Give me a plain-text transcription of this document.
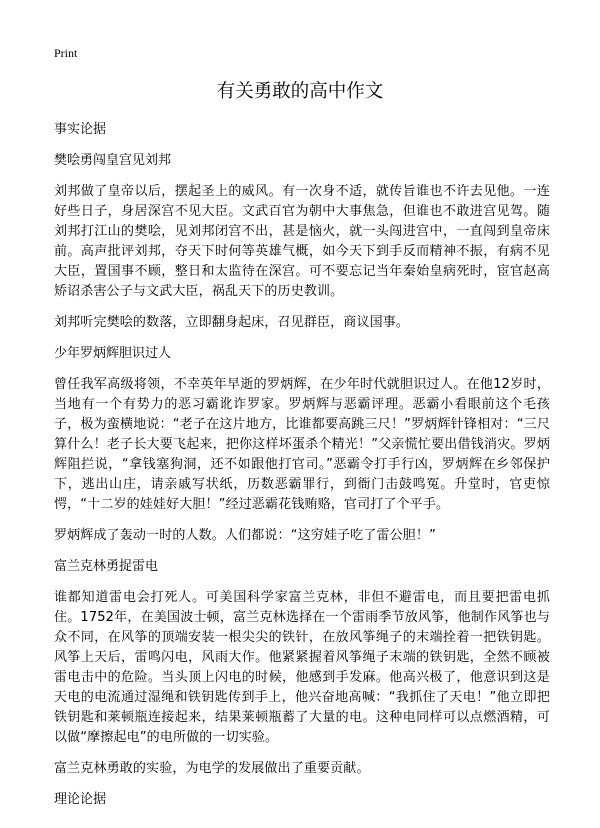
Print
有关勇敢的高中作文

事实论据

樊哙勇闯皇宫见刘邦

刘邦做了皇帝以后，摆起圣上的威风。有一次身不适，就传旨谁也不许去见他。一连好些日子，身居深宫不见大臣。文武百官为朝中大事焦急，但谁也不敢进宫见驾。随刘邦打江山的樊哙，见刘邦闭宫不出，甚是恼火，就一头闯进宫中，一直闯到皇帝床前。高声批评刘邦，夺天下时何等英雄气概，如今天下到手反而精神不振，有病不见大臣，置国事不顾，整日和太监待在深宫。可不要忘记当年秦始皇病死时，宦官赵高矫诏杀害公子与文武大臣，祸乱天下的历史教训。

刘邦听完樊哙的数落，立即翻身起床，召见群臣，商议国事。

少年罗炳辉胆识过人

曾任我军高级将领，不幸英年早逝的罗炳辉，在少年时代就胆识过人。在他12岁时，当地有一个有势力的恶习霸讹诈罗家。罗炳辉与恶霸评理。恶霸小看眼前这个毛孩子，极为蛮横地说：“老子在这片地方，比谁都要高跳三尺！”罗炳辉针锋相对：“三尺算什么！老子长大要飞起来，把你这样坏蛋杀个精光！”父亲慌忙要出借钱消灾。罗炳辉阻拦说，“拿钱塞狗洞，还不如跟他打官司。”恶霸令打手行凶，罗炳辉在乡邻保护下，逃出山庄，请亲戚写状纸，历数恶霸罪行，到衙门击鼓鸣冤。升堂时，官吏惊愕，“十二岁的娃娃好大胆！”经过恶霸花钱贿赂，官司打了个平手。

罗炳辉成了轰动一时的人数。人们都说：“这穷娃子吃了雷公胆！”

富兰克林勇捉雷电

谁都知道雷电会打死人。可美国科学家富兰克林，非但不避雷电，而且要把雷电抓住。1752年，在美国波士顿，富兰克林选择在一个雷雨季节放风筝，他制作风筝也与众不同，在风筝的顶端安装一根尖尖的铁针，在放风筝绳子的末端拴着一把铁钥匙。风筝上天后，雷鸣闪电，风雨大作。他紧紧握着风筝绳子末端的铁钥匙，全然不顾被雷电击中的危险。当头顶上闪电的时候，他感到手发麻。他高兴极了，他意识到这是天电的电流通过湿绳和铁钥匙传到手上，他兴奋地高喊：“我抓住了天电！”他立即把铁钥匙和莱顿瓶连接起来，结果莱顿瓶蓄了大量的电。这种电同样可以点燃酒精，可以做“摩擦起电”的电所做的一切实验。

富兰克林勇敢的实验，为电学的发展做出了重要贡献。

理论论据
